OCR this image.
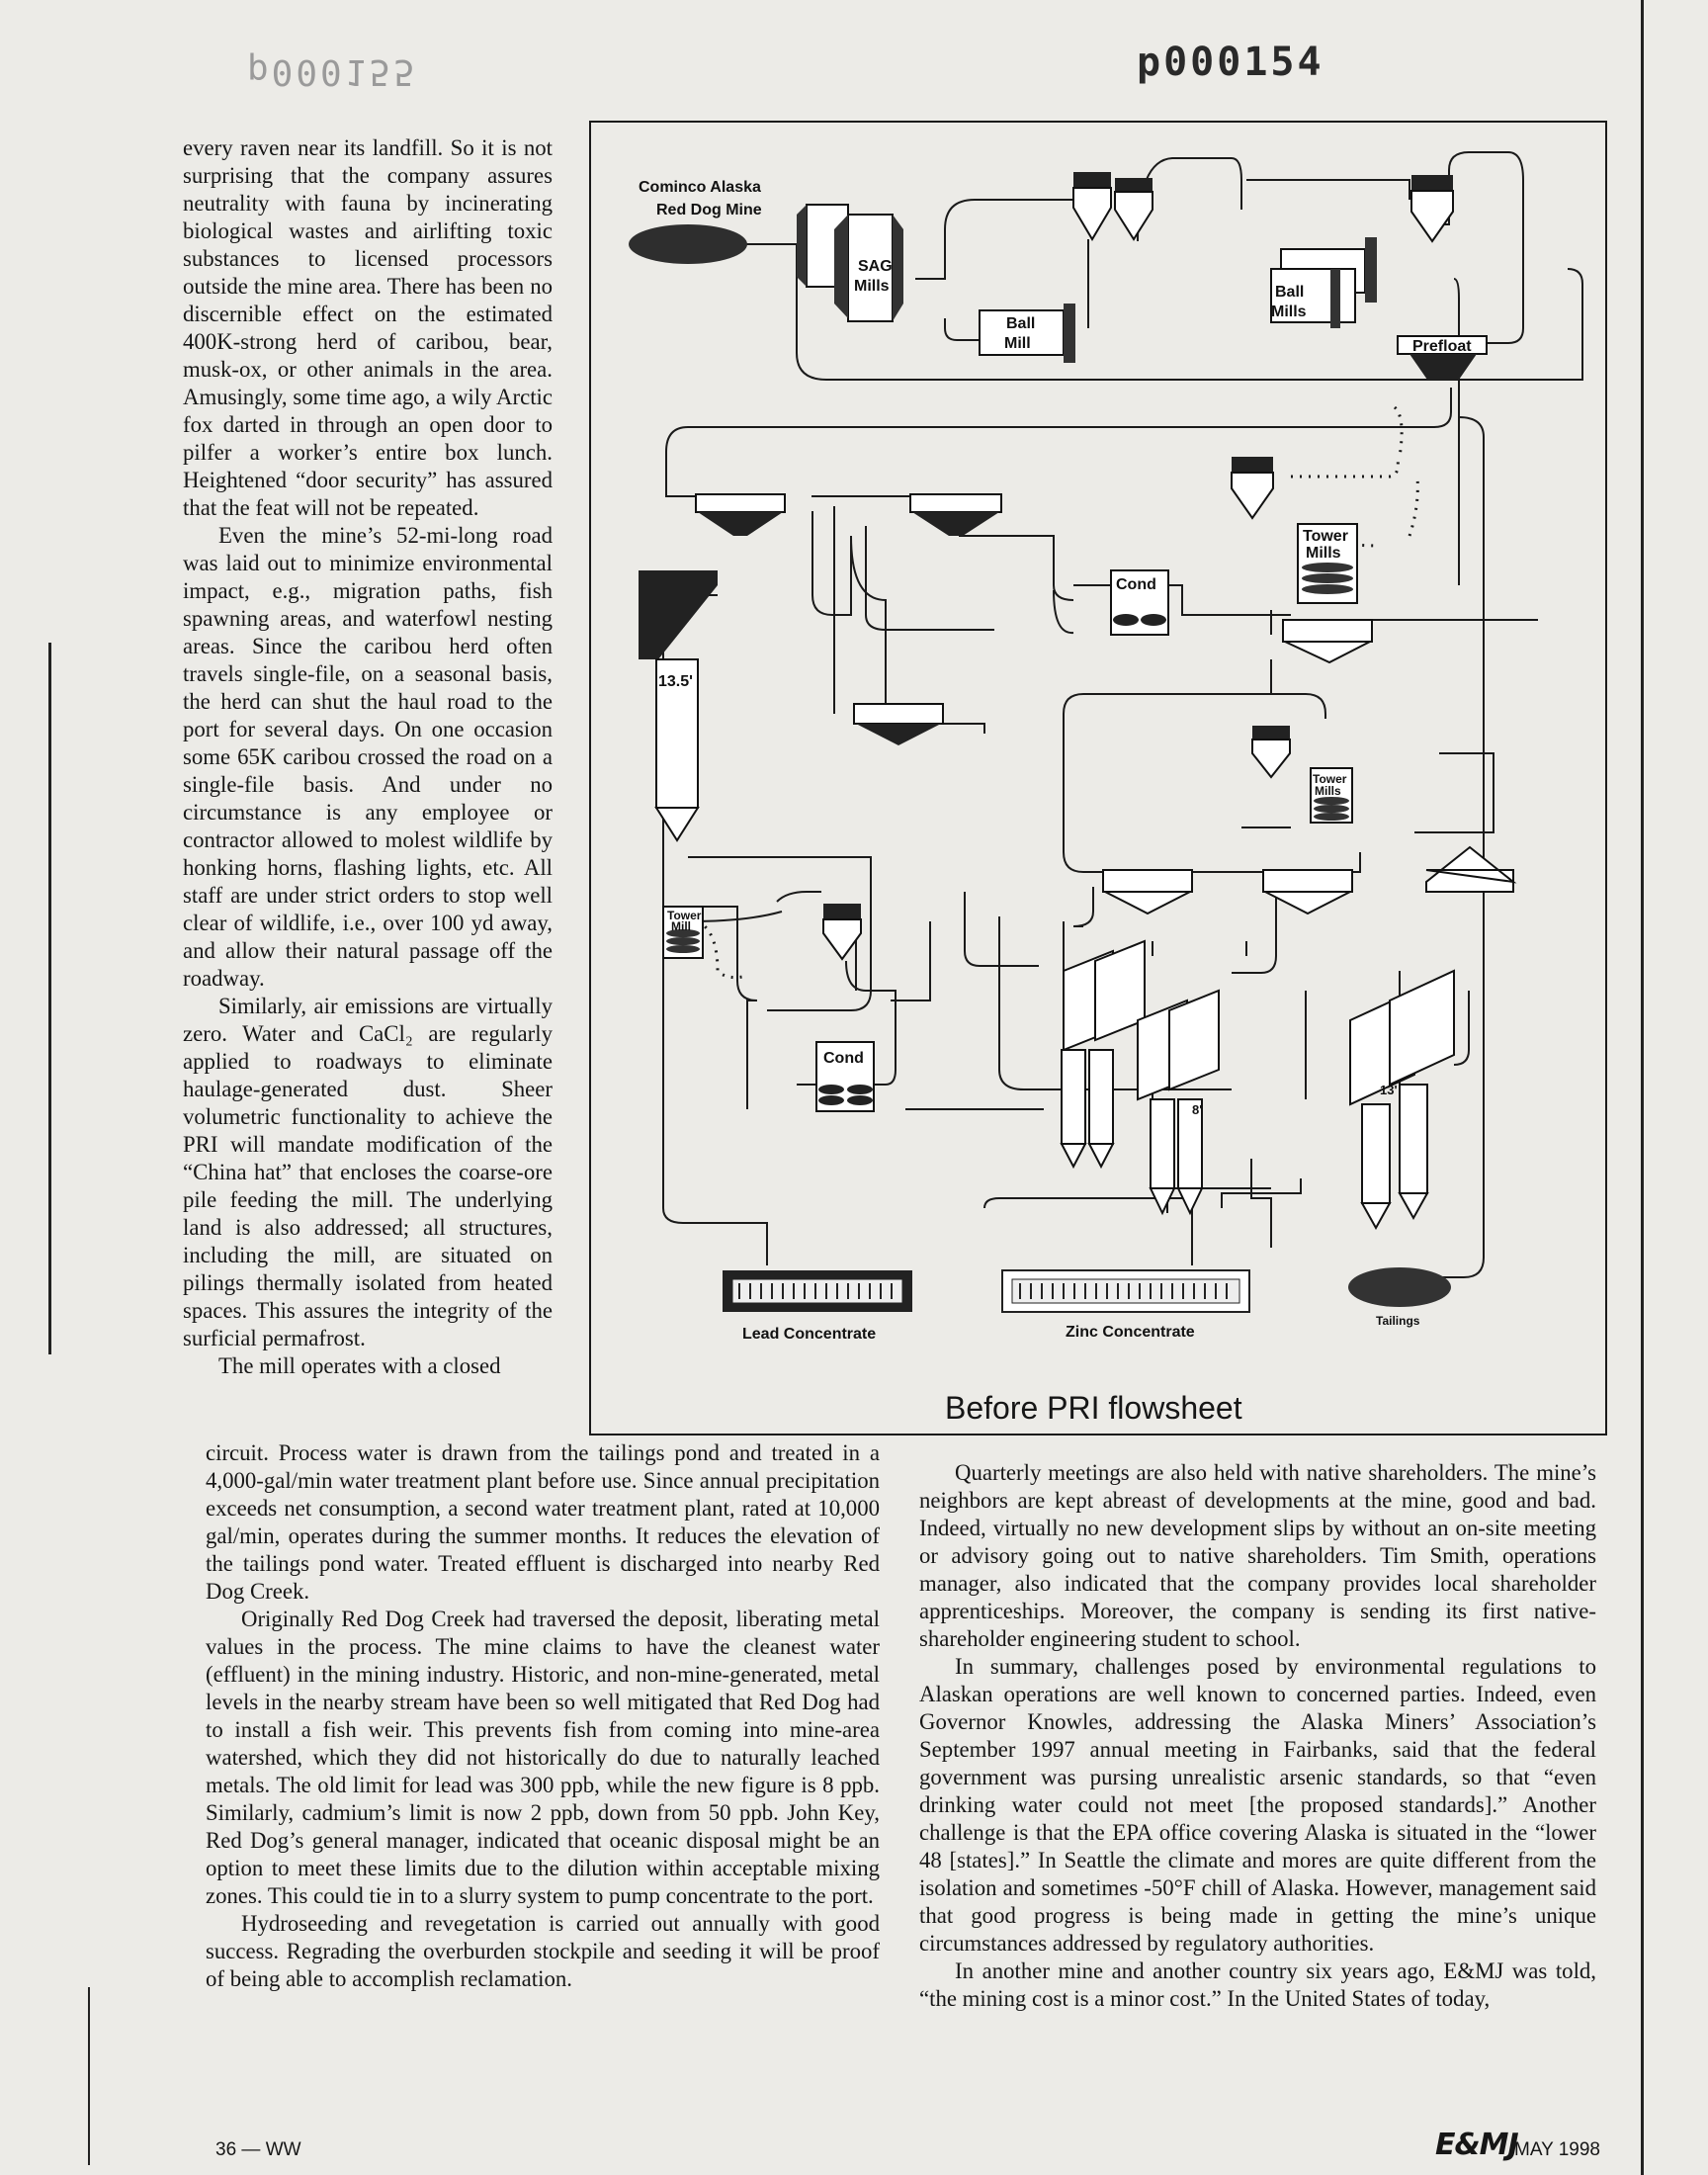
p000155	p000154

every raven near its landfill. So it is not surprising that the company assures neutrality with fauna by incinerating biological wastes and airlifting toxic substances to licensed processors outside the mine area. There has been no discernible effect on the estimated 400K-strong herd of caribou, bear, musk-ox, or other animals in the area. Amusingly, some time ago, a wily Arctic fox darted in through an open door to pilfer a worker’s entire box lunch. Heightened “door security” has assured that the feat will not be repeated.

Even the mine’s 52-mi-long road was laid out to minimize environmental impact, e.g., migration paths, fish spawning areas, and waterfowl nesting areas. Since the caribou herd often travels single-file, on a seasonal basis, the herd can shut the haul road to the port for several days. On one occasion some 65K caribou crossed the road on a single-file basis. And under no circumstance is any employee or contractor allowed to molest wildlife by honking horns, flashing lights, etc. All staff are under strict orders to stop well clear of wildlife, i.e., over 100 yd away, and allow their natural passage off the roadway.

Similarly, air emissions are virtually zero. Water and CaCl₂ are regularly applied to roadways to eliminate haulage-generated dust. Sheer volumetric functionality to achieve the PRI will mandate modification of the “China hat” that encloses the coarse-ore pile feeding the mill. The underlying land is also addressed; all structures, including the mill, are situated on pilings thermally isolated from heated spaces. This assures the integrity of the surficial permafrost.

The mill operates with a closed

circuit. Process water is drawn from the tailings pond and treated in a 4,000-gal/min water treatment plant before use. Since annual precipitation exceeds net consumption, a second water treatment plant, rated at 10,000 gal/min, operates during the summer months. It reduces the elevation of the tailings pond water. Treated effluent is discharged into nearby Red Dog Creek.

Originally Red Dog Creek had traversed the deposit, liberating metal values in the process. The mine claims to have the cleanest water (effluent) in the mining industry. Historic, and non-mine-generated, metal levels in the nearby stream have been so well mitigated that Red Dog had to install a fish weir. This prevents fish from coming into mine-area watershed, which they did not historically do due to naturally leached metals. The old limit for lead was 300 ppb, while the new figure is 8 ppb. Similarly, cadmium’s limit is now 2 ppb, down from 50 ppb. John Key, Red Dog’s general manager, indicated that oceanic disposal might be an option to meet these limits due to the dilution within acceptable mixing zones. This could tie in to a slurry system to pump concentrate to the port.

Hydroseeding and revegetation is carried out annually with good success. Regrading the overburden stockpile and seeding it will be proof of being able to accomplish reclamation.

Quarterly meetings are also held with native shareholders. The mine’s neighbors are kept abreast of developments at the mine, good and bad. Indeed, virtually no new development slips by without an on-site meeting or advisory going out to native shareholders. Tim Smith, operations manager, also indicated that the company provides local shareholder apprenticeships. Moreover, the company is sending its first native-shareholder engineering student to school.

In summary, challenges posed by environmental regulations to Alaskan operations are well known to concerned parties. Indeed, even Governor Knowles, addressing the Alaska Miners’ Association’s September 1997 annual meeting in Fairbanks, said that the federal government was pursing unrealistic arsenic standards, so that “even drinking water could not meet [the proposed standards].” Another challenge is that the EPA office covering Alaska is situated in the “lower 48 [states].” In Seattle the climate and mores are quite different from the isolation and sometimes -50°F chill of Alaska. However, management said that good progress is being made in getting the mine’s unique circumstances addressed by regulatory authorities.

In another mine and another country six years ago, E&MJ was told, “the mining cost is a minor cost.” In the United States of today,

Cominco Alaska
Red Dog Mine
SAG
Mills
Ball
Mill
Ball
Mills
Prefloat
Tower
Mills
13.5'
Cond
Tower
Mills
Tower
Mill
Cond
8'
13'
Lead Concentrate	Zinc Concentrate
Tailings
Before PRI flowsheet
36 — WW	E&MJ
MAY 1998
